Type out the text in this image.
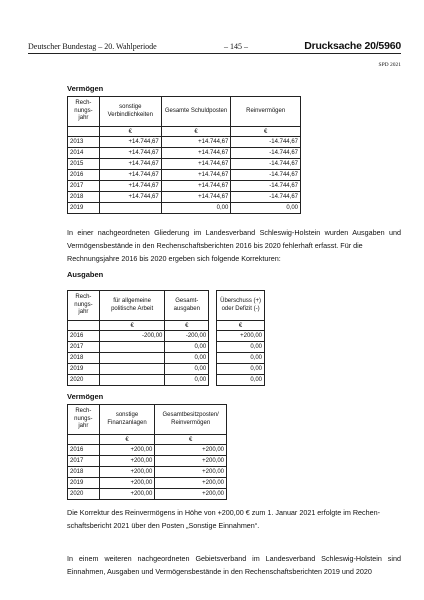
Deutscher Bundestag – 20. Wahlperiode	– 145 –	Drucksache 20/5960
SPD 2021
Vermögen
Rech-nungs-jahr	sonstige Verbindlichkeiten	Gesamte Schuldposten	Reinvermögen
	€	€	€
2013	+14.744,67	+14.744,67	-14.744,67
2014	+14.744,67	+14.744,67	-14.744,67
2015	+14.744,67	+14.744,67	-14.744,67
2016	+14.744,67	+14.744,67	-14.744,67
2017	+14.744,67	+14.744,67	-14.744,67
2018	+14.744,67	+14.744,67	-14.744,67
2019		0,00	0,00
In einer nachgeordneten Gliederung im Landesverband Schleswig-Holstein wurden Ausgaben und Vermögensbestände in den Rechenschaftsberichten 2016 bis 2020 fehlerhaft erfasst. Für die
Rechnungsjahre 2016 bis 2020 ergeben sich folgende Korrekturen:
Ausgaben
Rech-nungs-jahr	für allgemeine politische Arbeit	Gesamt-ausgaben		Überschuss (+) oder Defizit (-)
	€	€		€
2016	-200,00	-200,00		+200,00
2017		0,00		0,00
2018		0,00		0,00
2019		0,00		0,00
2020		0,00		0,00
Vermögen
Rech-nungs-jahr	sonstige Finanzanlagen	Gesamtbesitzposten/ Reinvermögen
	€	€
2016	+200,00	+200,00
2017	+200,00	+200,00
2018	+200,00	+200,00
2019	+200,00	+200,00
2020	+200,00	+200,00
Die Korrektur des Reinvermögens in Höhe von +200,00 € zum 1. Januar 2021 erfolgte im Rechen-
schaftsbericht 2021 über den Posten „Sonstige Einnahmen“.
In einem weiteren nachgeordneten Gebietsverband im Landesverband Schleswig-Holstein sind Einnahmen, Ausgaben und Vermögensbestände in den Rechenschaftsberichten 2019 und 2020
